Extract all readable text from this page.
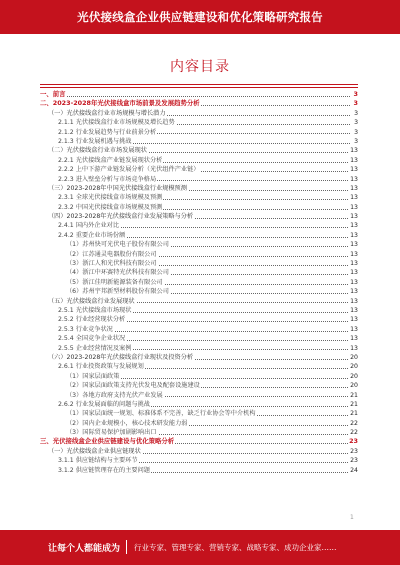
光伏接线盒企业供应链建设和优化策略研究报告
内容目录
一、前言	3
二、2023-2028年光伏接线盒市场前景及发展趋势分析	3
（一）光伏接线盒行业市场规模与增长潜力	3
2.1.1 光伏接线盒行业市场规模及增长趋势	3
2.1.2 行业发展趋势与行业前景分析	3
2.1.3 行业发展机遇与挑战	3
（二）光伏接线盒行业市场发展现状	13
2.2.1 光伏接线盒产业链发展现状分析	13
2.2.2 上中下游产业链发展分析（光伏组件产业链）	13
2.2.3 进入壁垒分析与市场竞争格局	13
（三）2023-2028年中国光伏接线盒行业规模预测	13
2.3.1 全球光伏接线盒市场规模及预测	13
2.3.2 中国光伏接线盒市场规模及预测	13
（四）2023-2028年光伏接线盒行业发展策略与分析	13
2.4.1 国内外企业对比	13
2.4.2 重要企业市场份额	13
（1）苏州快可光伏电子股份有限公司	13
（2）江苏通灵电器股份有限公司	13
（3）浙江人和光伏科技有限公司	13
（4）浙江中环赛特光伏科技有限公司	13
（5）浙江佳明新能源装备有限公司	13
（6）苏州宇邦新型材料股份有限公司	13
（五）光伏接线盒行业发展现状	13
2.5.1 光伏接线盒市场现状	13
2.5.2 行业经营现状分析	13
2.5.3 行业竞争状况	13
2.5.4 全国竞争企业状况	13
2.5.5 企业经营情况及案例	13
（六）2023-2028年光伏接线盒行业现状及投资分析	20
2.6.1 行业投资政策与发展规划	20
（1）国家层面政策	20
（2）国家层面政策支持光伏发电及配套设施建设	20
（3）各地方政府支持光伏产业发展	21
2.6.2 行业发展面临的问题与挑战	21
（1）国家层面统一规划、标准体系不完善，缺乏行业协会等中介机构	21
（2）国内企业规模小，核心技术研发能力弱	22
（3）国际贸易保护加剧影响出口	22
三、光伏接线盒企业供应链建设与优化策略分析	23
（一）光伏接线盒企业供应链现状	23
3.1.1 供应链结构与主要环节	23
3.1.2 供应链管理存在的主要问题	24
1
让每个人都能成为 行业专家、管理专家、营销专家、战略专家、成功企业家……
